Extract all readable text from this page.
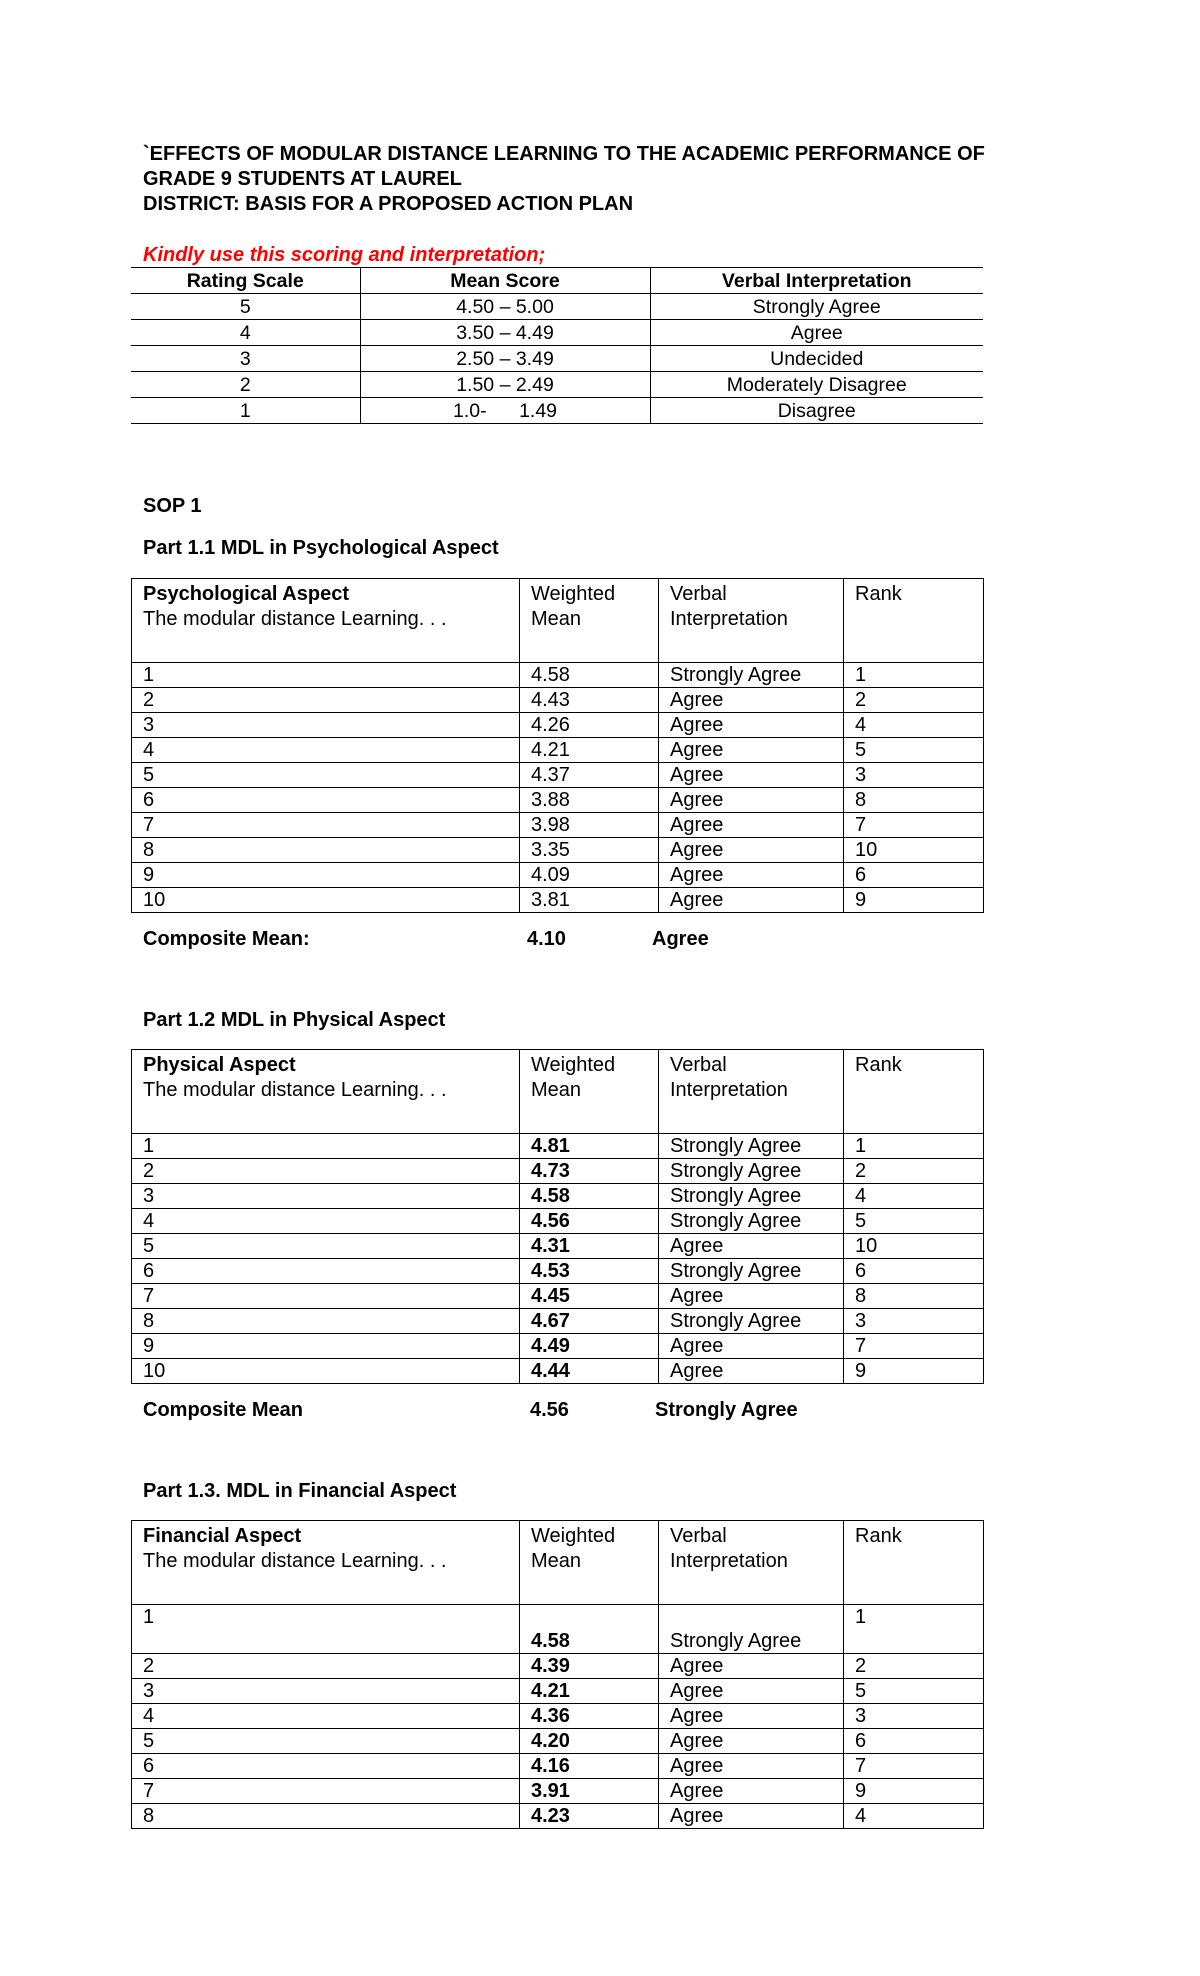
`EFFECTS OF MODULAR DISTANCE LEARNING TO THE ACADEMIC PERFORMANCE OF
GRADE 9 STUDENTS AT LAUREL
DISTRICT: BASIS FOR A PROPOSED ACTION PLAN
Kindly use this scoring and interpretation;
Rating Scale	Mean Score	Verbal Interpretation
5	4.50 – 5.00	Strongly Agree
4	3.50 – 4.49	Agree
3	2.50 – 3.49	Undecided
2	1.50 – 2.49	Moderately Disagree
1	1.0-      1.49	Disagree
SOP 1
Part 1.1 MDL in Psychological Aspect
Psychological Aspect
The modular distance Learning. . .	Weighted Mean	Verbal Interpretation	Rank
1	4.58	Strongly Agree	1
2	4.43	Agree	2
3	4.26	Agree	4
4	4.21	Agree	5
5	4.37	Agree	3
6	3.88	Agree	8
7	3.98	Agree	7
8	3.35	Agree	10
9	4.09	Agree	6
10	3.81	Agree	9
Composite Mean:	4.10	Agree
Part 1.2 MDL in Physical Aspect
Physical Aspect
The modular distance Learning. . .	Weighted Mean	Verbal Interpretation	Rank
1	4.81	Strongly Agree	1
2	4.73	Strongly Agree	2
3	4.58	Strongly Agree	4
4	4.56	Strongly Agree	5
5	4.31	Agree	10
6	4.53	Strongly Agree	6
7	4.45	Agree	8
8	4.67	Strongly Agree	3
9	4.49	Agree	7
10	4.44	Agree	9
Composite Mean	4.56	Strongly Agree
Part 1.3. MDL in Financial Aspect
Financial Aspect
The modular distance Learning. . .	Weighted Mean	Verbal Interpretation	Rank
1	4.58	Strongly Agree	1
2	4.39	Agree	2
3	4.21	Agree	5
4	4.36	Agree	3
5	4.20	Agree	6
6	4.16	Agree	7
7	3.91	Agree	9
8	4.23	Agree	4
